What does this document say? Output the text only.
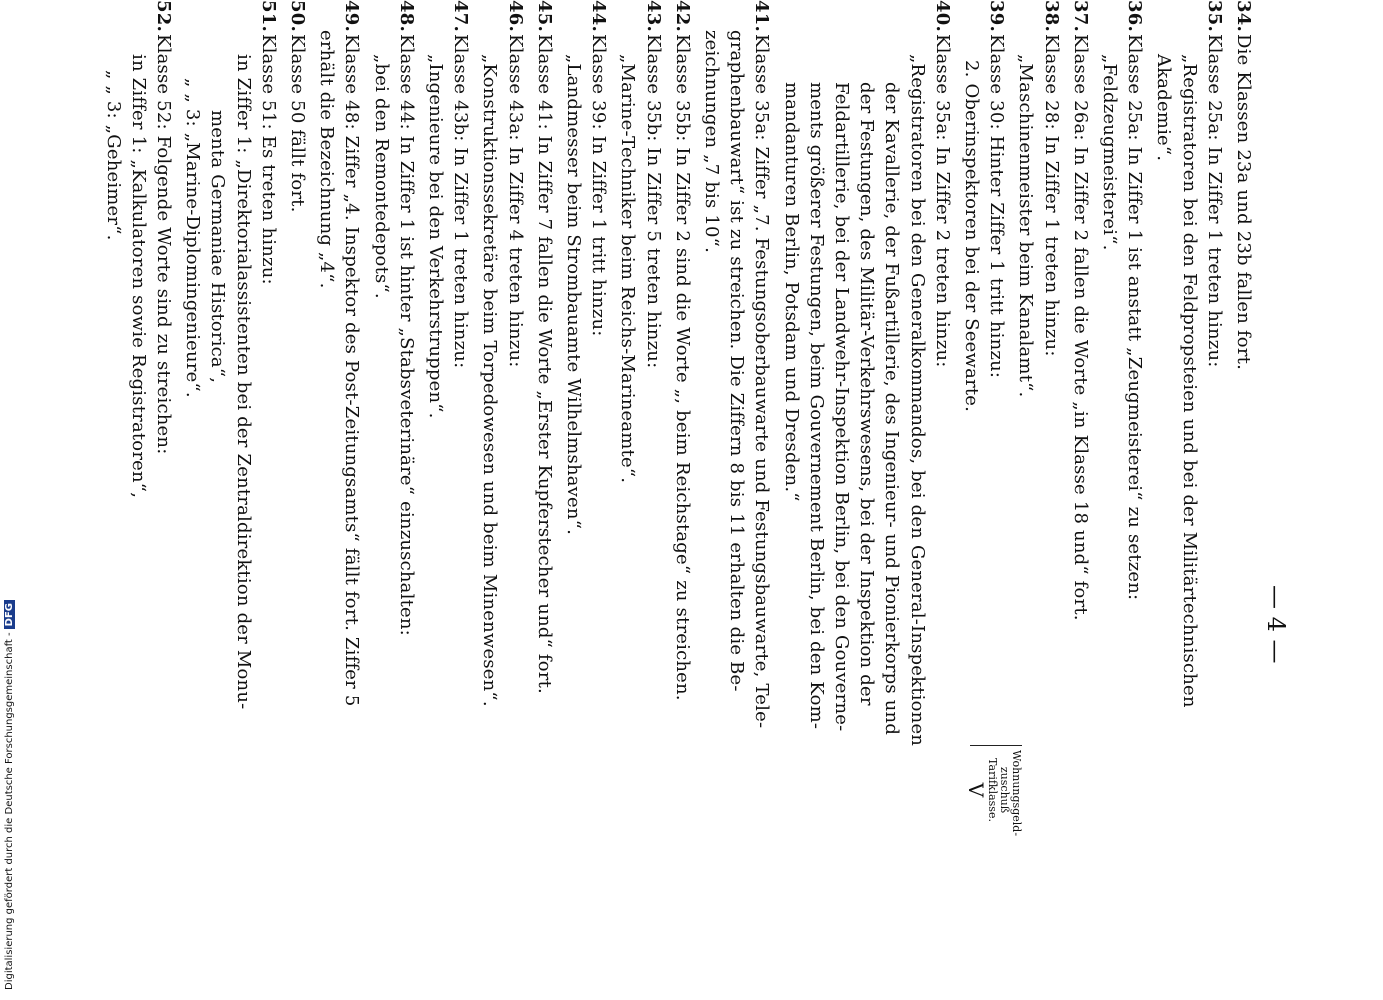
— 4 —
34.Die Klassen 23a und 23b fallen fort.
35.Klasse 25a: In Ziffer 1 treten hinzu:
„Registratoren bei den Feldpropsteien und bei der Militärtechnischen
Akademie“.
36.Klasse 25a: In Ziffer 1 ist anstatt „Zeugmeisterei“ zu setzen:
„Feldzeugmeisterei“.
37.Klasse 26a: In Ziffer 2 fallen die Worte „in Klasse 18 und“ fort.
38.Klasse 28: In Ziffer 1 treten hinzu:
„Maschinenmeister beim Kanalamt“.
39.Klasse 30: Hinter Ziffer 1 tritt hinzu:
2. Oberinspektoren bei der Seewarte.
40.Klasse 35a: In Ziffer 2 treten hinzu:
„Registratoren bei den Generalkommandos, bei den General-Inspektionen
der Kavallerie, der Fußartillerie, des Ingenieur- und Pionierkorps und
der Festungen, des Militär-Verkehrswesens, bei der Inspektion der
Feldartillerie, bei der Landwehr-Inspektion Berlin, bei den Gouverne-
ments größerer Festungen, beim Gouvernement Berlin, bei den Kom-
mandanturen Berlin, Potsdam und Dresden.“
41.Klasse 35a: Ziffer „7. Festungsoberbauwarte und Festungsbauwarte, Tele-
graphenbauwart“ ist zu streichen. Die Ziffern 8 bis 11 erhalten die Be-
zeichnungen „7 bis 10“.
42.Klasse 35b: In Ziffer 2 sind die Worte „, beim Reichstage“ zu streichen.
43.Klasse 35b: In Ziffer 5 treten hinzu:
„Marine-Techniker beim Reichs-Marineamte“.
44.Klasse 39: In Ziffer 1 tritt hinzu:
„Landmesser beim Strombauamte Wilhelmshaven“.
45.Klasse 41: In Ziffer 7 fallen die Worte „Erster Kupferstecher und“ fort.
46.Klasse 43a: In Ziffer 4 treten hinzu:
„Konstruktionssekretäre beim Torpedowesen und beim Minenwesen“.
47.Klasse 43b: In Ziffer 1 treten hinzu:
„Ingenieure bei den Verkehrstruppen“.
48.Klasse 44: In Ziffer 1 ist hinter „Stabsveterinäre“ einzuschalten:
„bei den Remontedepots“.
49.Klasse 48: Ziffer „4. Inspektor des Post-Zeitungsamts“ fällt fort. Ziffer 5
erhält die Bezeichnung „4“.
50.Klasse 50 fällt fort.
51.Klasse 51: Es treten hinzu:
in Ziffer 1: „Direktorialassistenten bei der Zentraldirektion der Monu-
menta Germaniae Historica“,
„ „ 3: „Marine-Diplomingenieure“.
52.Klasse 52: Folgende Worte sind zu streichen:
in Ziffer 1: „Kalkulatoren sowie Registratoren“,
„ „ 3: „Geheimer“.
Wohnungsgeld-zuschuß Tarifklasse.
V
Digitalisierung gefördert durch die Deutsche Forschungsgemeinschaft -DFG
